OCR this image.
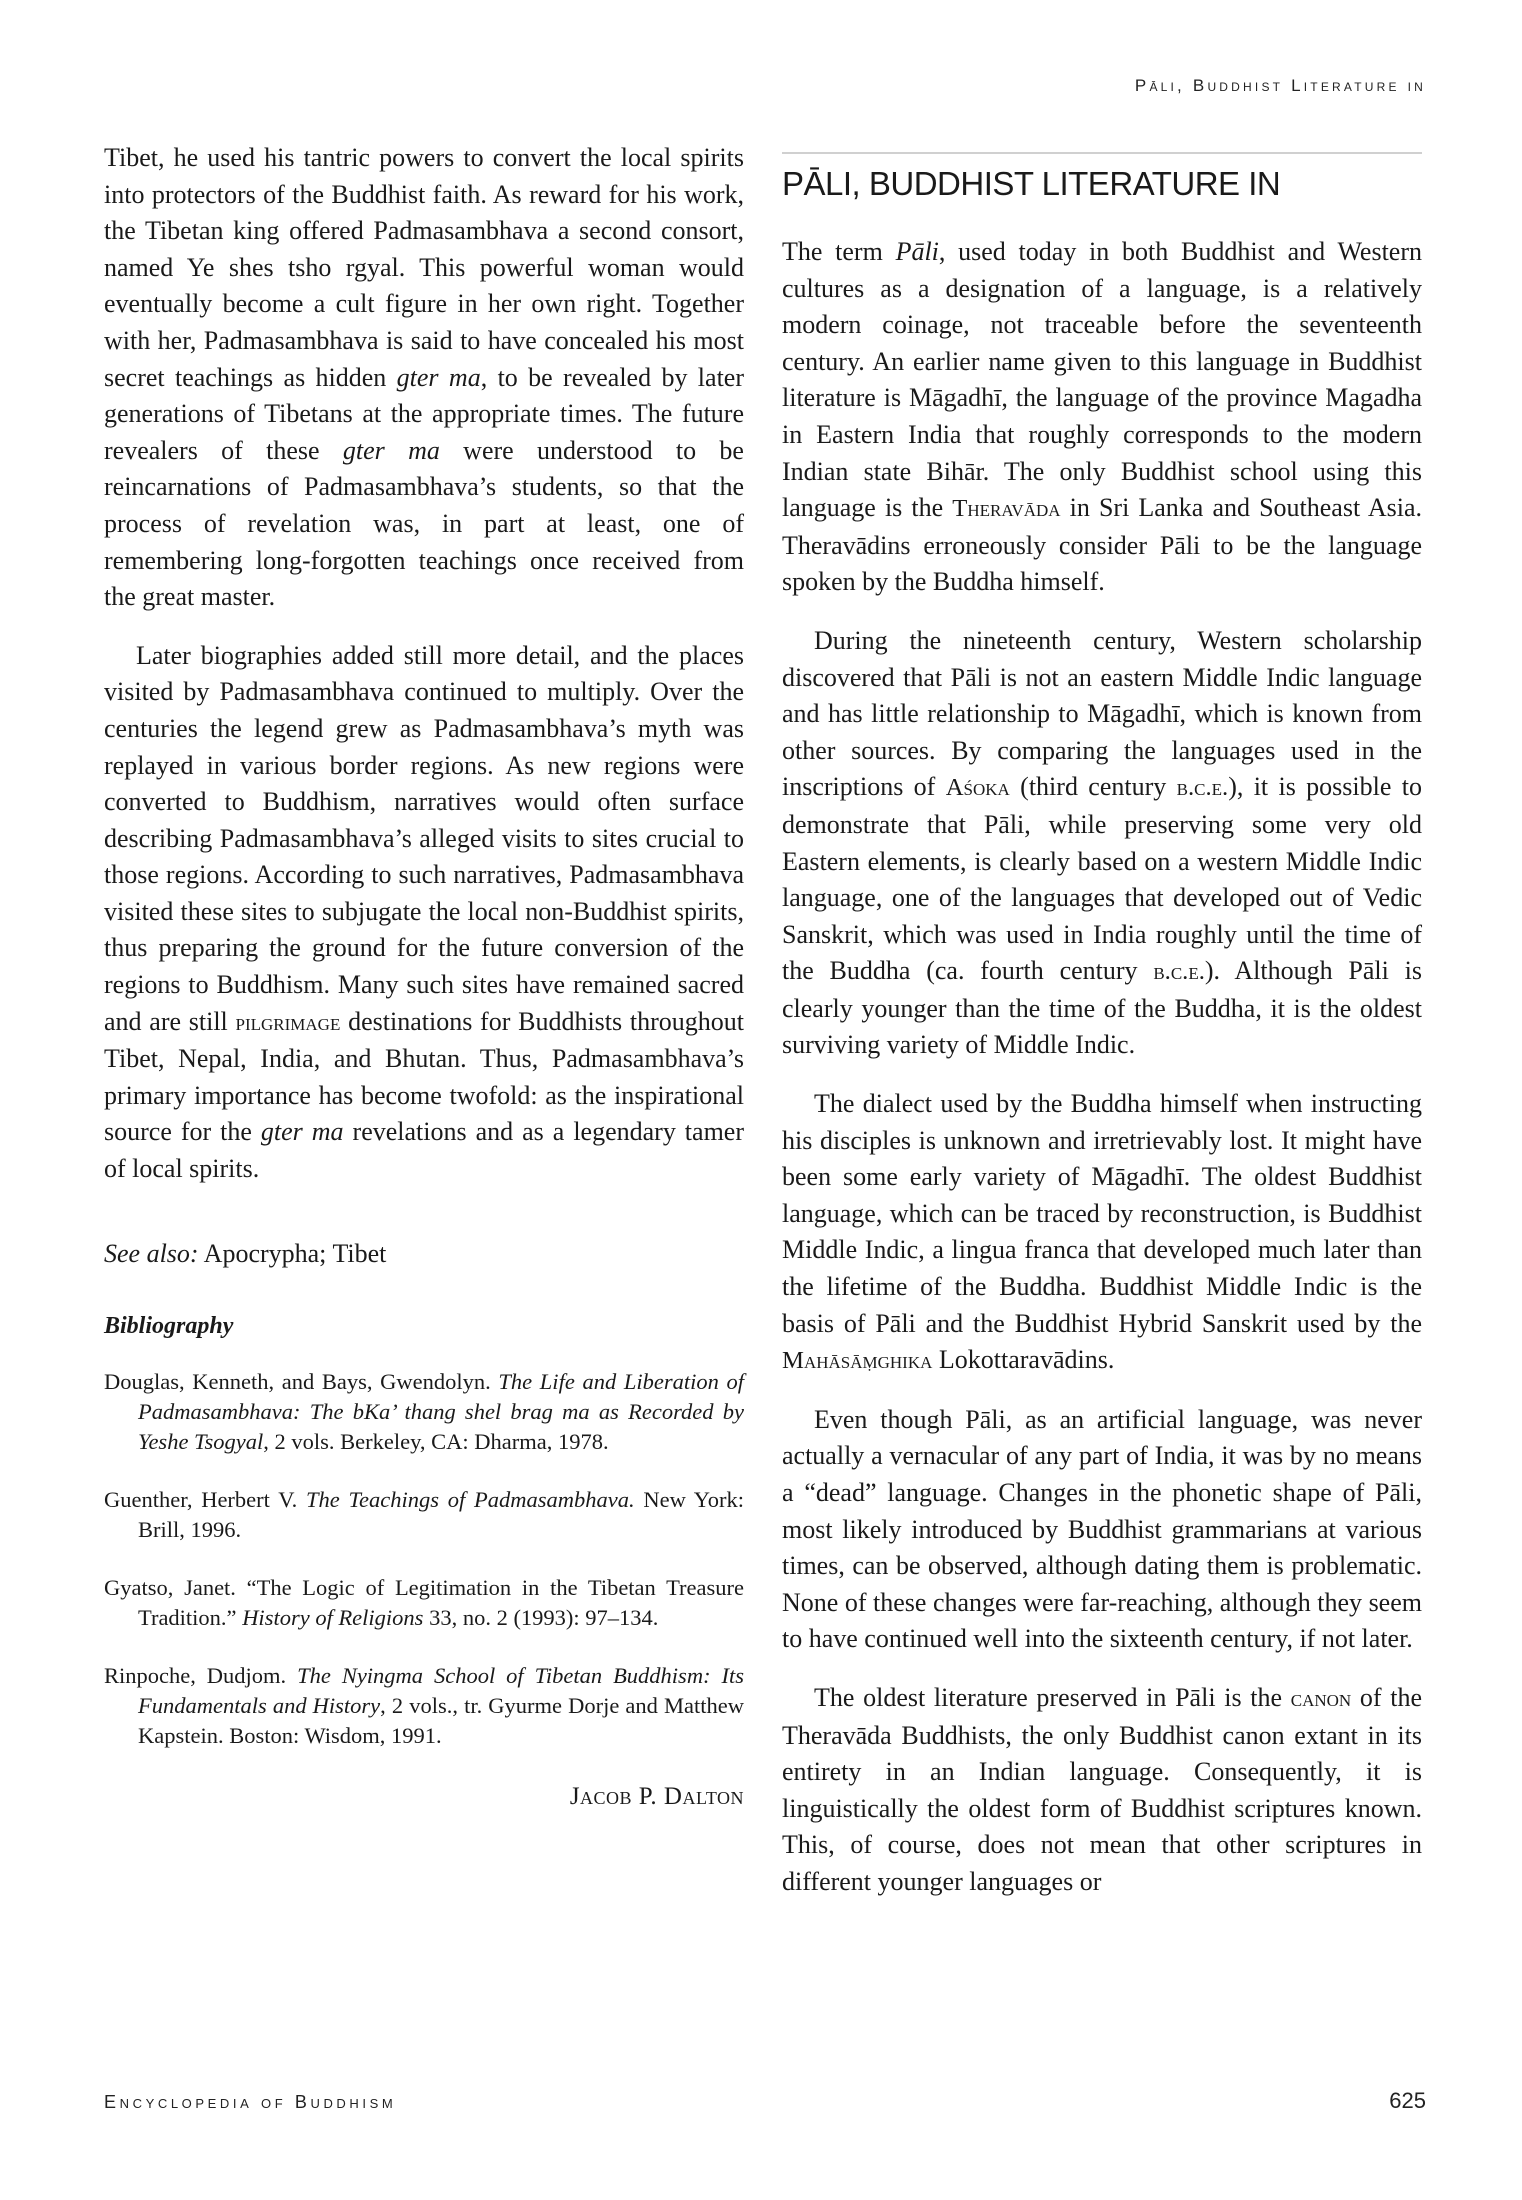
Pāli, Buddhist Literature in

Tibet, he used his tantric powers to convert the local spirits into protectors of the Buddhist faith. As reward for his work, the Tibetan king offered Padmasambhava a second consort, named Ye shes tsho rgyal. This powerful woman would eventually become a cult figure in her own right. Together with her, Padmasambhava is said to have concealed his most secret teachings as hidden gter ma, to be revealed by later generations of Tibetans at the appropriate times. The future revealers of these gter ma were understood to be reincarnations of Padmasambhava’s students, so that the process of revelation was, in part at least, one of remembering long-forgotten teachings once received from the great master.

Later biographies added still more detail, and the places visited by Padmasambhava continued to multiply. Over the centuries the legend grew as Padmasambhava’s myth was replayed in various border regions. As new regions were converted to Buddhism, narratives would often surface describing Padmasambhava’s alleged visits to sites crucial to those regions. According to such narratives, Padmasambhava visited these sites to subjugate the local non-Buddhist spirits, thus preparing the ground for the future conversion of the regions to Buddhism. Many such sites have remained sacred and are still pilgrimage destinations for Buddhists throughout Tibet, Nepal, India, and Bhutan. Thus, Padmasambhava’s primary importance has become twofold: as the inspirational source for the gter ma revelations and as a legendary tamer of local spirits.

See also: Apocrypha; Tibet

Bibliography

Douglas, Kenneth, and Bays, Gwendolyn. The Life and Liberation of Padmasambhava: The bKa’ thang shel brag ma as Recorded by Yeshe Tsogyal, 2 vols. Berkeley, CA: Dharma, 1978.

Guenther, Herbert V. The Teachings of Padmasambhava. New York: Brill, 1996.

Gyatso, Janet. “The Logic of Legitimation in the Tibetan Treasure Tradition.” History of Religions 33, no. 2 (1993): 97–134.

Rinpoche, Dudjom. The Nyingma School of Tibetan Buddhism: Its Fundamentals and History, 2 vols., tr. Gyurme Dorje and Matthew Kapstein. Boston: Wisdom, 1991.

Jacob P. Dalton

PĀLI, BUDDHIST LITERATURE IN

The term Pāli, used today in both Buddhist and Western cultures as a designation of a language, is a relatively modern coinage, not traceable before the seventeenth century. An earlier name given to this language in Buddhist literature is Māgadhī, the language of the province Magadha in Eastern India that roughly corresponds to the modern Indian state Bihār. The only Buddhist school using this language is the Theravāda in Sri Lanka and Southeast Asia. Theravādins erroneously consider Pāli to be the language spoken by the Buddha himself.

During the nineteenth century, Western scholarship discovered that Pāli is not an eastern Middle Indic language and has little relationship to Māgadhī, which is known from other sources. By comparing the languages used in the inscriptions of Aśoka (third century b.c.e.), it is possible to demonstrate that Pāli, while preserving some very old Eastern elements, is clearly based on a western Middle Indic language, one of the languages that developed out of Vedic Sanskrit, which was used in India roughly until the time of the Buddha (ca. fourth century b.c.e.). Although Pāli is clearly younger than the time of the Buddha, it is the oldest surviving variety of Middle Indic.

The dialect used by the Buddha himself when instructing his disciples is unknown and irretrievably lost. It might have been some early variety of Māgadhī. The oldest Buddhist language, which can be traced by reconstruction, is Buddhist Middle Indic, a lingua franca that developed much later than the lifetime of the Buddha. Buddhist Middle Indic is the basis of Pāli and the Buddhist Hybrid Sanskrit used by the Mahāsāṃghika Lokottaravādins.

Even though Pāli, as an artificial language, was never actually a vernacular of any part of India, it was by no means a “dead” language. Changes in the phonetic shape of Pāli, most likely introduced by Buddhist grammarians at various times, can be observed, although dating them is problematic. None of these changes were far-reaching, although they seem to have continued well into the sixteenth century, if not later.

The oldest literature preserved in Pāli is the canon of the Theravāda Buddhists, the only Buddhist canon extant in its entirety in an Indian language. Consequently, it is linguistically the oldest form of Buddhist scriptures known. This, of course, does not mean that other scriptures in different younger languages or

Encyclopedia of Buddhism	625
